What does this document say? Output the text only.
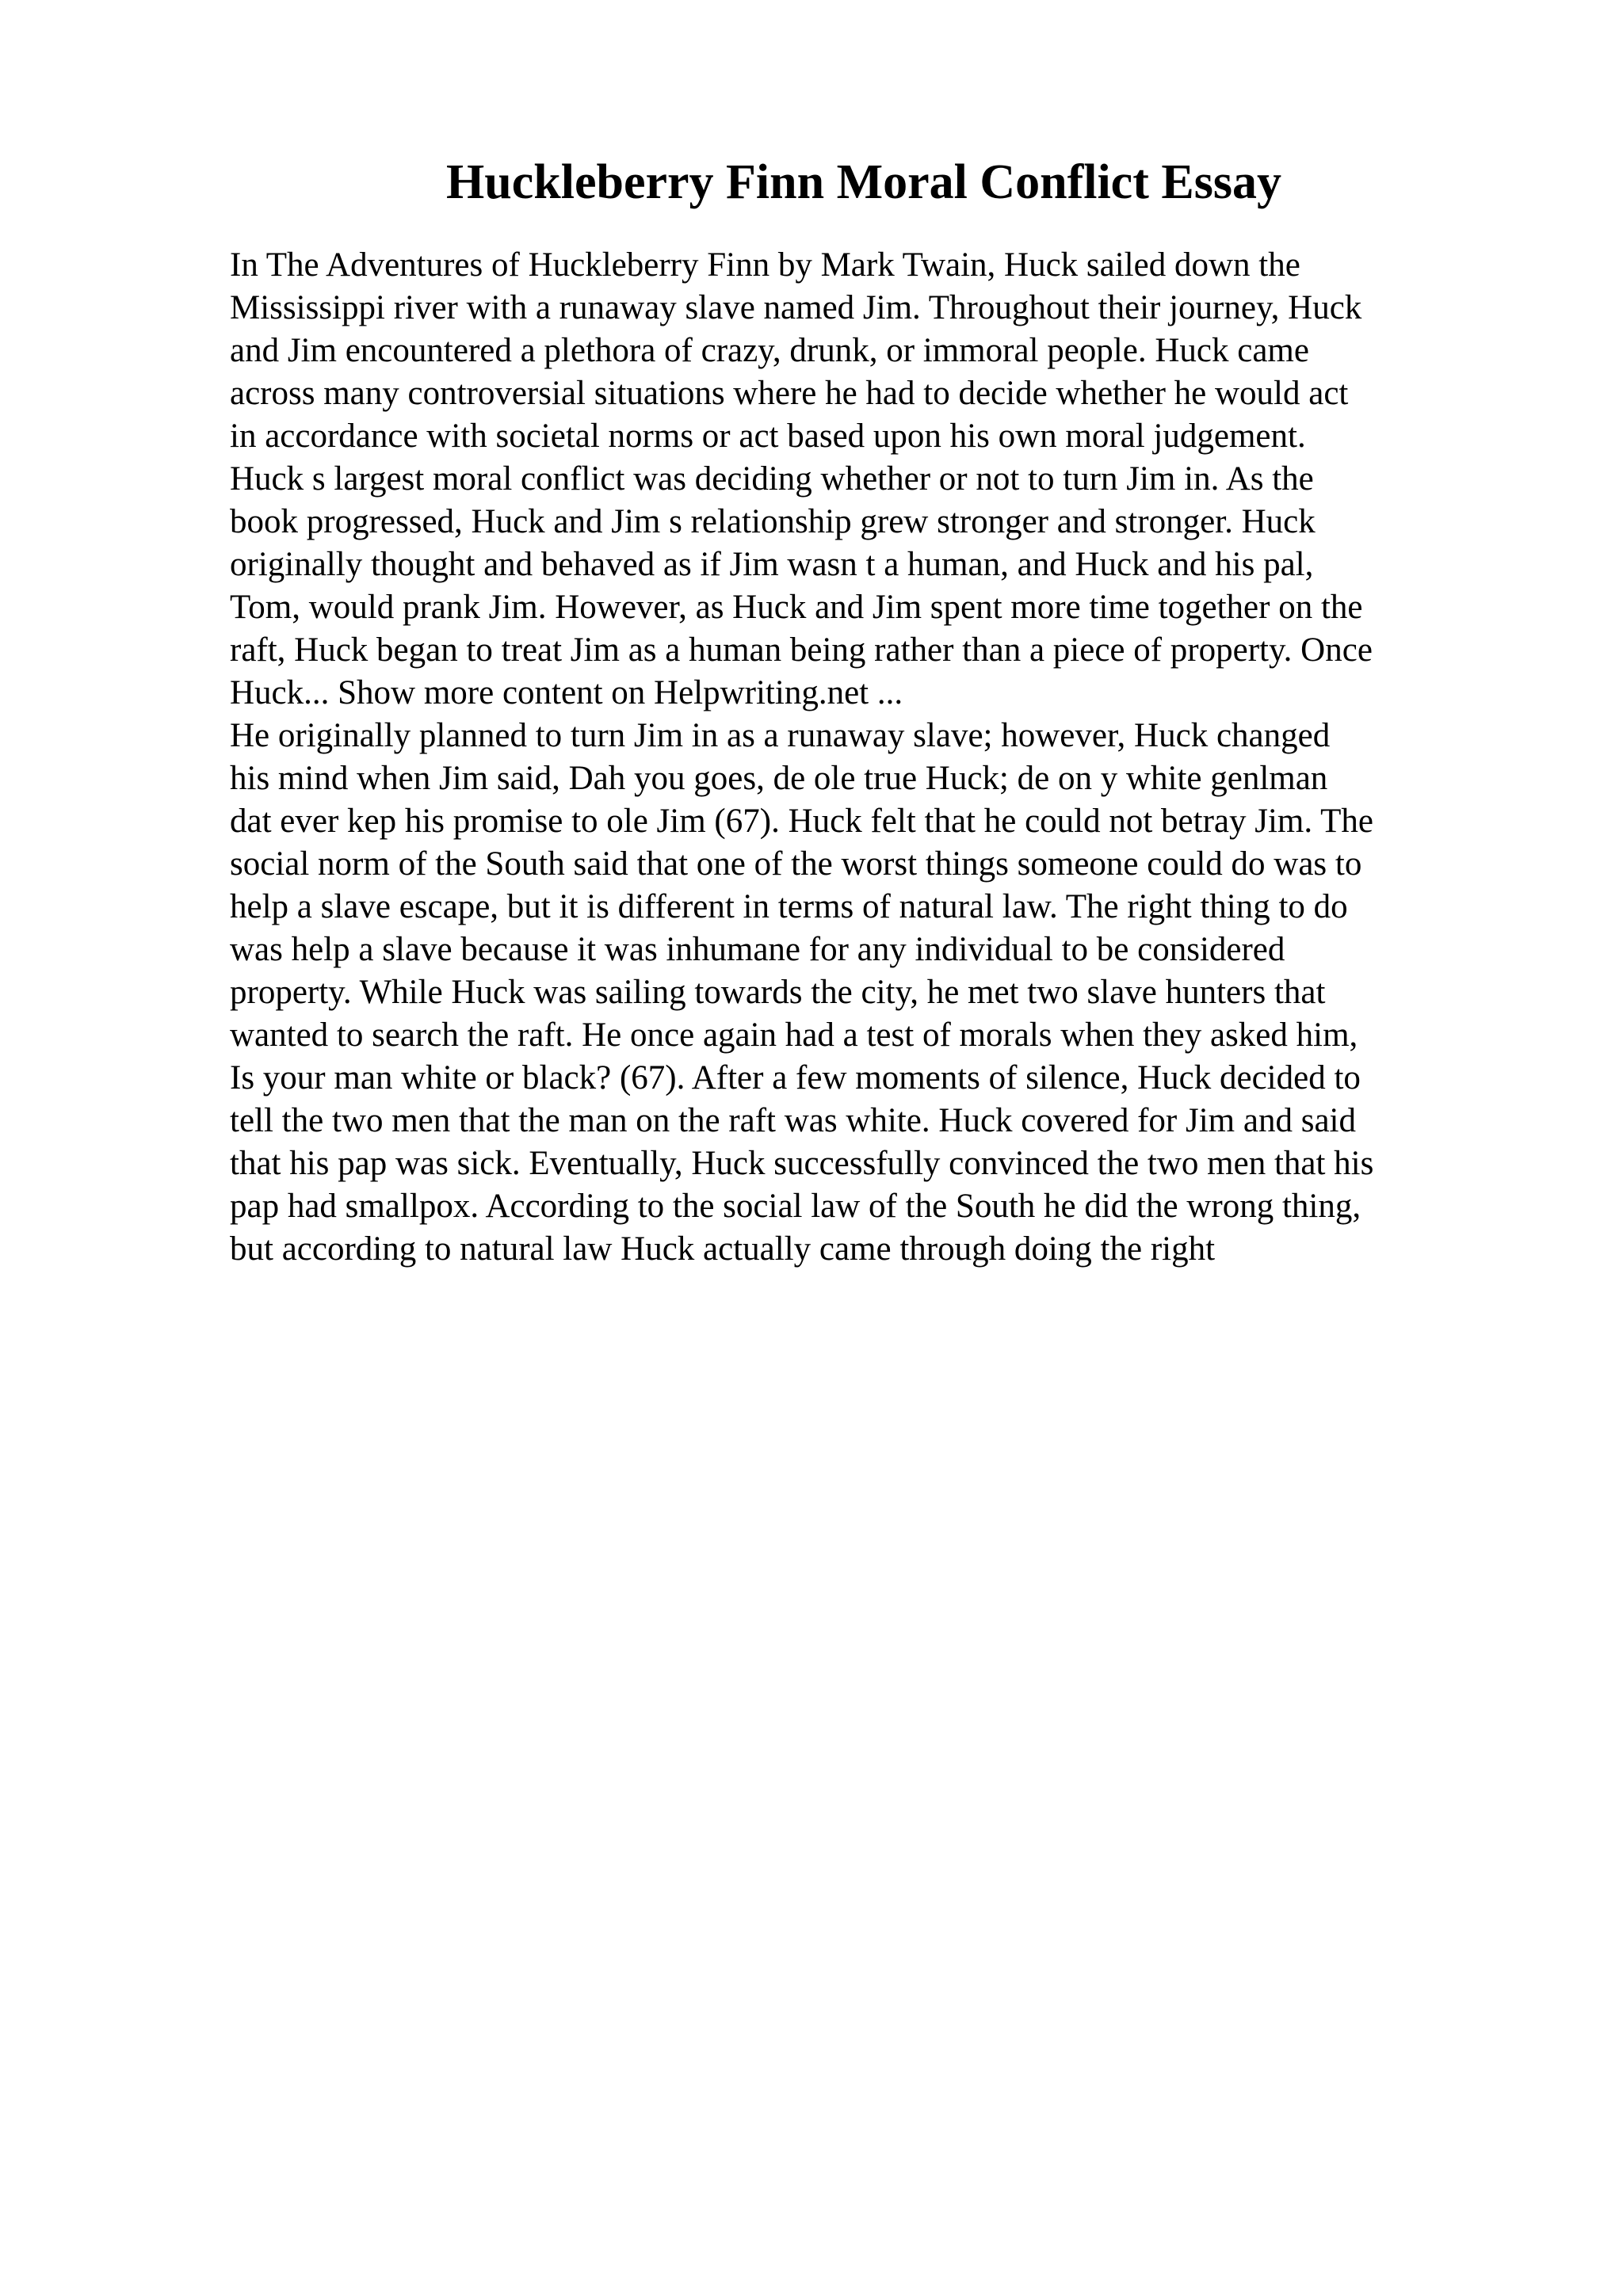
Huckleberry Finn Moral Conflict Essay
In The Adventures of Huckleberry Finn by Mark Twain, Huck sailed down the
Mississippi river with a runaway slave named Jim. Throughout their journey, Huck
and Jim encountered a plethora of crazy, drunk, or immoral people. Huck came
across many controversial situations where he had to decide whether he would act
in accordance with societal norms or act based upon his own moral judgement.
Huck s largest moral conflict was deciding whether or not to turn Jim in. As the
book progressed, Huck and Jim s relationship grew stronger and stronger. Huck
originally thought and behaved as if Jim wasn t a human, and Huck and his pal,
Tom, would prank Jim. However, as Huck and Jim spent more time together on the
raft, Huck began to treat Jim as a human being rather than a piece of property. Once
Huck... Show more content on Helpwriting.net ...
He originally planned to turn Jim in as a runaway slave; however, Huck changed
his mind when Jim said, Dah you goes, de ole true Huck; de on y white genlman
dat ever kep his promise to ole Jim (67). Huck felt that he could not betray Jim. The
social norm of the South said that one of the worst things someone could do was to
help a slave escape, but it is different in terms of natural law. The right thing to do
was help a slave because it was inhumane for any individual to be considered
property. While Huck was sailing towards the city, he met two slave hunters that
wanted to search the raft. He once again had a test of morals when they asked him,
Is your man white or black? (67). After a few moments of silence, Huck decided to
tell the two men that the man on the raft was white. Huck covered for Jim and said
that his pap was sick. Eventually, Huck successfully convinced the two men that his
pap had smallpox. According to the social law of the South he did the wrong thing,
but according to natural law Huck actually came through doing the right
